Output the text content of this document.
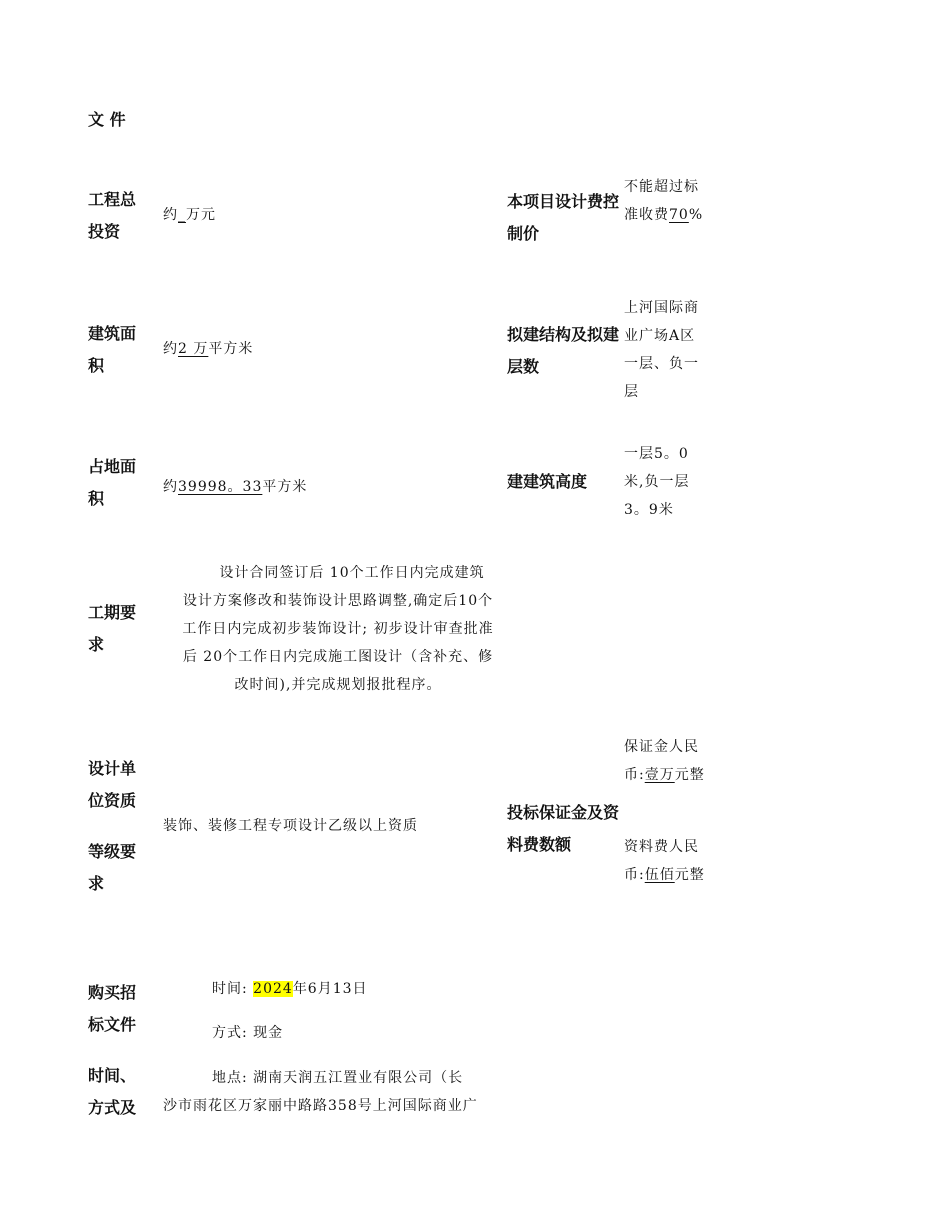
文 件
工程总投资
约_万元
本项目设计费控制价
不能超过标准收费70%
建筑面积
约2 万平方米
拟建结构及拟建层数
上河国际商业广场A区一层、负一层
占地面积
约39998。33平方米	建建筑高度
一层5。0米,负一层3。9米
工期要求
设计合同签订后 10个工作日内完成建筑
设计方案修改和装饰设计思路调整,确定后10个
工作日内完成初步装饰设计; 初步设计审查批准
后 20个工作日内完成施工图设计（含补充、修
改时间),并完成规划报批程序。
设计单位资质
等级要求
装饰、装修工程专项设计乙级以上资质
投标保证金及资料费数额
保证金人民币:壹万元整
资料费人民币:伍佰元整
购买招标文件
时间、方式及
时间: 2024年6月13日
方式: 现金
地点: 湖南天润五江置业有限公司（长
沙市雨花区万家丽中路路358号上河国际商业广
